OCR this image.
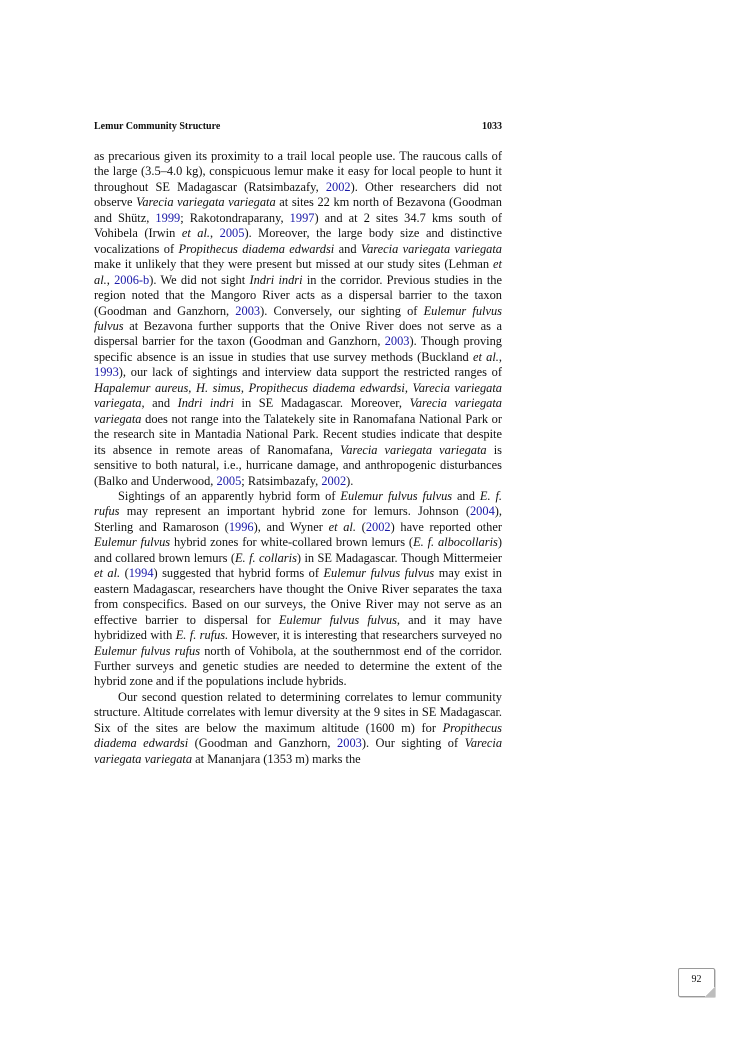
Lemur Community Structure	1033

as precarious given its proximity to a trail local people use. The raucous calls of the large (3.5–4.0 kg), conspicuous lemur make it easy for local people to hunt it throughout SE Madagascar (Ratsimbazafy, 2002). Other researchers did not observe Varecia variegata variegata at sites 22 km north of Bezavona (Goodman and Shütz, 1999; Rakotondraparany, 1997) and at 2 sites 34.7 kms south of Vohibela (Irwin et al., 2005). Moreover, the large body size and distinctive vocalizations of Propithecus diadema edwardsi and Varecia variegata variegata make it unlikely that they were present but missed at our study sites (Lehman et al., 2006-b). We did not sight Indri indri in the corridor. Previous studies in the region noted that the Mangoro River acts as a dispersal barrier to the taxon (Goodman and Ganzhorn, 2003). Conversely, our sighting of Eulemur fulvus fulvus at Bezavona further supports that the Onive River does not serve as a dispersal barrier for the taxon (Goodman and Ganzhorn, 2003). Though proving specific absence is an issue in studies that use survey methods (Buckland et al., 1993), our lack of sightings and interview data support the restricted ranges of Hapalemur aureus, H. simus, Propithecus diadema edwardsi, Varecia variegata variegata, and Indri indri in SE Madagascar. Moreover, Varecia variegata variegata does not range into the Talatekely site in Ranomafana National Park or the research site in Mantadia National Park. Recent studies indicate that despite its absence in remote areas of Ranomafana, Varecia variegata variegata is sensitive to both natural, i.e., hurricane damage, and anthropogenic disturbances (Balko and Underwood, 2005; Ratsimbazafy, 2002).

Sightings of an apparently hybrid form of Eulemur fulvus fulvus and E. f. rufus may represent an important hybrid zone for lemurs. Johnson (2004), Sterling and Ramaroson (1996), and Wyner et al. (2002) have reported other Eulemur fulvus hybrid zones for white-collared brown lemurs (E. f. albocollaris) and collared brown lemurs (E. f. collaris) in SE Madagascar. Though Mittermeier et al. (1994) suggested that hybrid forms of Eulemur fulvus fulvus may exist in eastern Madagascar, researchers have thought the Onive River separates the taxa from conspecifics. Based on our surveys, the Onive River may not serve as an effective barrier to dispersal for Eulemur fulvus fulvus, and it may have hybridized with E. f. rufus. However, it is interesting that researchers surveyed no Eulemur fulvus rufus north of Vohibola, at the southernmost end of the corridor. Further surveys and genetic studies are needed to determine the extent of the hybrid zone and if the populations include hybrids.

Our second question related to determining correlates to lemur community structure. Altitude correlates with lemur diversity at the 9 sites in SE Madagascar. Six of the sites are below the maximum altitude (1600 m) for Propithecus diadema edwardsi (Goodman and Ganzhorn, 2003). Our sighting of Varecia variegata variegata at Mananjara (1353 m) marks the

92
